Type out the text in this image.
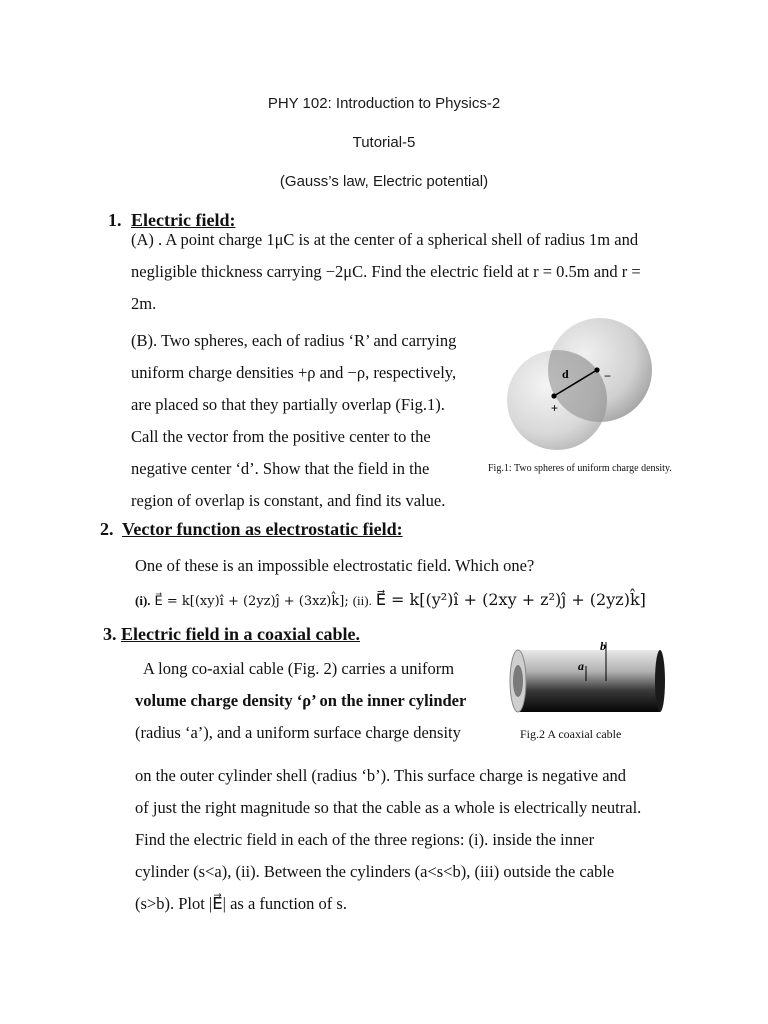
PHY 102: Introduction to Physics-2
Tutorial-5
(Gauss’s law, Electric potential)
1. Electric field:
(A) . A point charge 1μC is at the center of a spherical shell of radius 1m and
negligible thickness carrying −2μC. Find the electric field at r = 0.5m and r =
2m.
(B). Two spheres, each of radius ‘R’ and carrying
uniform charge densities +ρ and −ρ, respectively,
are placed so that they partially overlap (Fig.1).
Call the vector from the positive center to the
negative center ‘d’. Show that the field in the
region of overlap is constant, and find its value.
d	−
+
Fig.1: Two spheres of uniform charge density.
2. Vector function as electrostatic field:
One of these is an impossible electrostatic field. Which one?
(i). E⃗ = k[(xy)î + (2yz)ĵ + (3xz)k̂]; (ii). E⃗ = k[(y²)î + (2xy + z²)ĵ + (2yz)k̂]
3. Electric field in a coaxial cable.
A long co-axial cable (Fig. 2) carries a uniform
volume charge density ‘ρ’ on the inner cylinder
(radius ‘a’), and a uniform surface charge density
b
a
Fig.2 A coaxial cable
on the outer cylinder shell (radius ‘b’). This surface charge is negative and
of just the right magnitude so that the cable as a whole is electrically neutral.
Find the electric field in each of the three regions: (i). inside the inner
cylinder (s<a), (ii). Between the cylinders (a<s<b), (iii) outside the cable
(s>b). Plot |E⃗| as a function of s.
